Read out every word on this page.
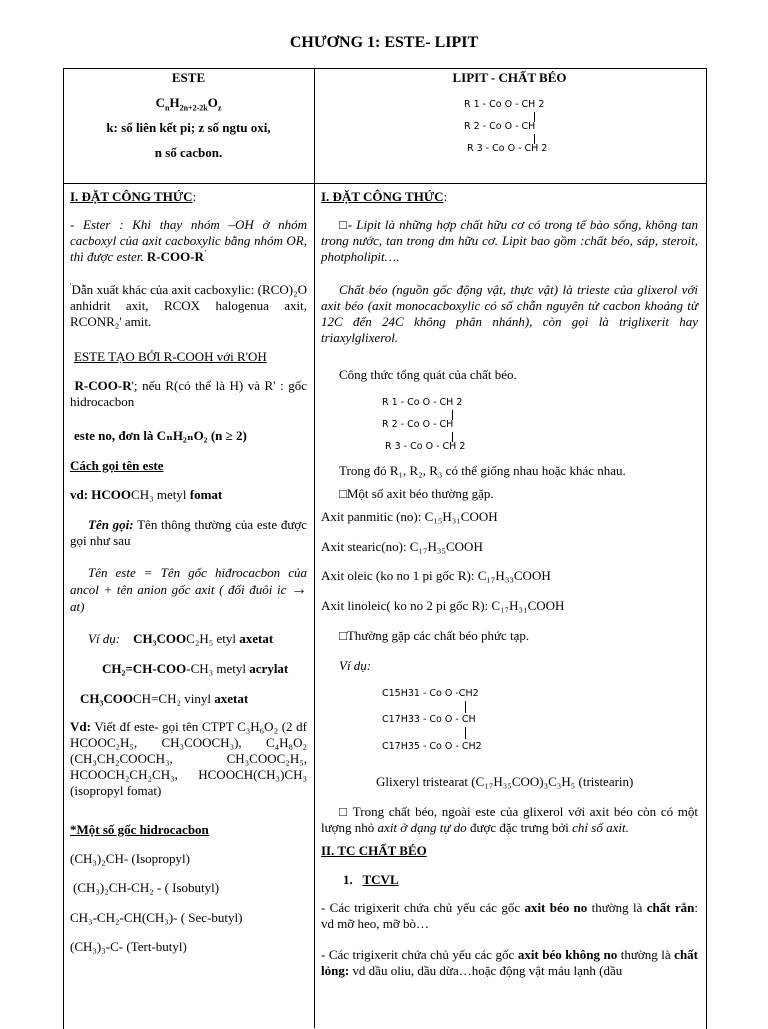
CHƯƠNG 1: ESTE- LIPIT
ESTE
$C_nH_{2n+2-2k}O_z$
k: số liên kết pi; z số ngtu oxi,
n số cacbon.
LIPIT - CHẤT BÉO
R 1 - Co O - CH 2
R 2 - Co O - CH
R 3 - Co O - CH 2
I. ĐẶT CÔNG THỨC:
- Ester : Khi thay nhóm –OH ở nhóm cacboxyl của axit cacboxylic bằng nhóm OR, thì được ester. R-COO-R'
'Dẫn xuất khác của axit cacboxylic: (RCO)₂O anhidrit axit, RCOX halogenua axit, RCONR₂' amit.
ESTE TẠO BỞI R-COOH với R'OH
R-COO-R'; nếu R(có thể là H) và R' : gốc hidrocacbon
este no, đơn là CₙH₂ₙO₂ (n ≥ 2)
Cách gọi tên este
vd: HCOOCH₃ metyl fomat
Tên gọi: Tên thông thường của este được gọi như sau
Tên este = Tên gốc hiđrocacbon của ancol + tên anion gốc axit ( đổi đuôi ic → at)
Ví dụ: CH₃COOC₂H₅ etyl axetat
CH₂=CH-COO-CH₃ metyl acrylat
CH₃COOCH=CH₂ vinyl axetat
Vd: Viết đf este- gọi tên CTPT C₃H₆O₂ (2 df HCOOC₂H₅, CH₃COOCH₃), C₄H₈O₂ (CH₃CH₂COOCH₃, CH₃COOC₂H₅, HCOOCH₂CH₂CH₃, HCOOCH(CH₃)CH₃ (isopropyl fomat)
*Một số gốc hidrocacbon
(CH₃)₂CH- (Isopropyl)
(CH₃)₂CH-CH₂ - ( Isobutyl)
CH₃-CH₂-CH(CH₃)- ( Sec-butyl)
(CH₃)₃-C- (Tert-butyl)
I. ĐẶT CÔNG THỨC:
□- Lipit là những hợp chất hữu cơ có trong tế bào sống, không tan trong nước, tan trong dm hữu cơ. Lipit bao gồm :chất béo, sáp, steroit, photpholipit….
Chất béo (nguồn gốc động vật, thực vật) là trieste của glixerol với axit béo (axit monocacboxylic có số chẵn nguyên tử cacbon khoảng từ 12C đến 24C không phân nhánh), còn gọi là triglixerit hay triaxylglixerol.
Công thức tổng quát của chất béo.
R 1 - Co O - CH 2
R 2 - Co O - CH
R 3 - Co O - CH 2
Trong đó R₁, R₂, R₃ có thể giống nhau hoặc khác nhau.
□Một số axit béo thường gặp.
Axit panmitic (no): C₁₅H₃₁COOH
Axit stearic(no): C₁₇H₃₅COOH
Axit oleic (ko no 1 pi gốc R): C₁₇H₃₃COOH
Axit linoleic( ko no 2 pi gốc R): C₁₇H₃₁COOH
□Thường gặp các chất béo phức tạp.
Ví dụ:
C15H31 - Co O -CH2
C17H33 - Co O - CH
C17H35 - Co O - CH2
Glixeryl tristearat (C₁₇H₃₅COO)₃C₃H₅ (tristearin)
□ Trong chất béo, ngoài este của glixerol với axit béo còn có một lượng nhỏ axit ở dạng tự do được đặc trưng bởi chỉ số axit.
II. TC CHẤT BÉO
1. TCVL
- Các trigixerit chứa chủ yếu các gốc axit béo no thường là chất rắn: vd mỡ heo, mỡ bò…
- Các trigixerit chứa chủ yếu các gốc axit béo không no thường là chất lỏng: vd dầu oliu, dầu dừa…hoặc động vật máu lạnh (dầu
